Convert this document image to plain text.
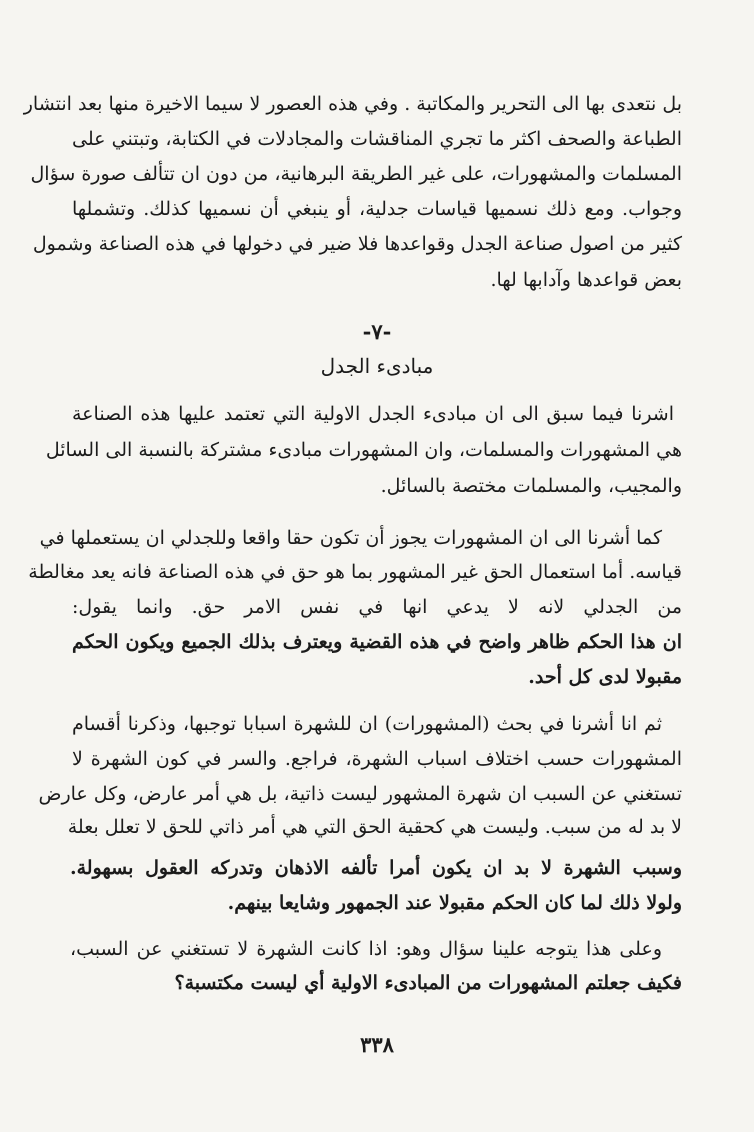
بل نتعدى بها الى التحرير والمكاتبة . وفي هذه العصور لا سيما الاخيرة منها بعد انتشار
الطباعة والصحف اكثر ما تجري المناقشات والمجادلات في الكتابة، وتبتني على
المسلمات والمشهورات، على غير الطريقة البرهانية، من دون ان تتألف صورة سؤال
وجواب. ومع ذلك نسميها قياسات جدلية، أو ينبغي أن نسميها كذلك. وتشملها
كثير من اصول صناعة الجدل وقواعدها فلا ضير في دخولها في هذه الصناعة وشمول
بعض قواعدها وآدابها لها.
-٧-
مبادىء الجدل
اشرنا فيما سبق الى ان مبادىء الجدل الاولية التي تعتمد عليها هذه الصناعة
هي المشهورات والمسلمات، وان المشهورات مبادىء مشتركة بالنسبة الى السائل
والمجيب، والمسلمات مختصة بالسائل.
كما أشرنا الى ان المشهورات يجوز أن تكون حقا واقعا وللجدلي ان يستعملها في
قياسه. أما استعمال الحق غير المشهور بما هو حق في هذه الصناعة فانه يعد مغالطة
من الجدلي لانه لا يدعي انها في نفس الامر حق. وانما يقول:
ان هذا الحكم ظاهر واضح في هذه القضية ويعترف بذلك الجميع ويكون الحكم
مقبولا لدى كل أحد.
ثم انا أشرنا في بحث (المشهورات) ان للشهرة اسبابا توجبها، وذكرنا أقسام
المشهورات حسب اختلاف اسباب الشهرة، فراجع. والسر في كون الشهرة لا
تستغني عن السبب ان شهرة المشهور ليست ذاتية، بل هي أمر عارض، وكل عارض
لا بد له من سبب. وليست هي كحقية الحق التي هي أمر ذاتي للحق لا تعلل بعلة
وسبب الشهرة لا بد ان يكون أمرا تألفه الاذهان وتدركه العقول بسهولة.
ولولا ذلك لما كان الحكم مقبولا عند الجمهور وشايعا بينهم.
وعلى هذا يتوجه علينا سؤال وهو: اذا كانت الشهرة لا تستغني عن السبب،
فكيف جعلتم المشهورات من المبادىء الاولية أي ليست مكتسبة؟
٣٣٨
